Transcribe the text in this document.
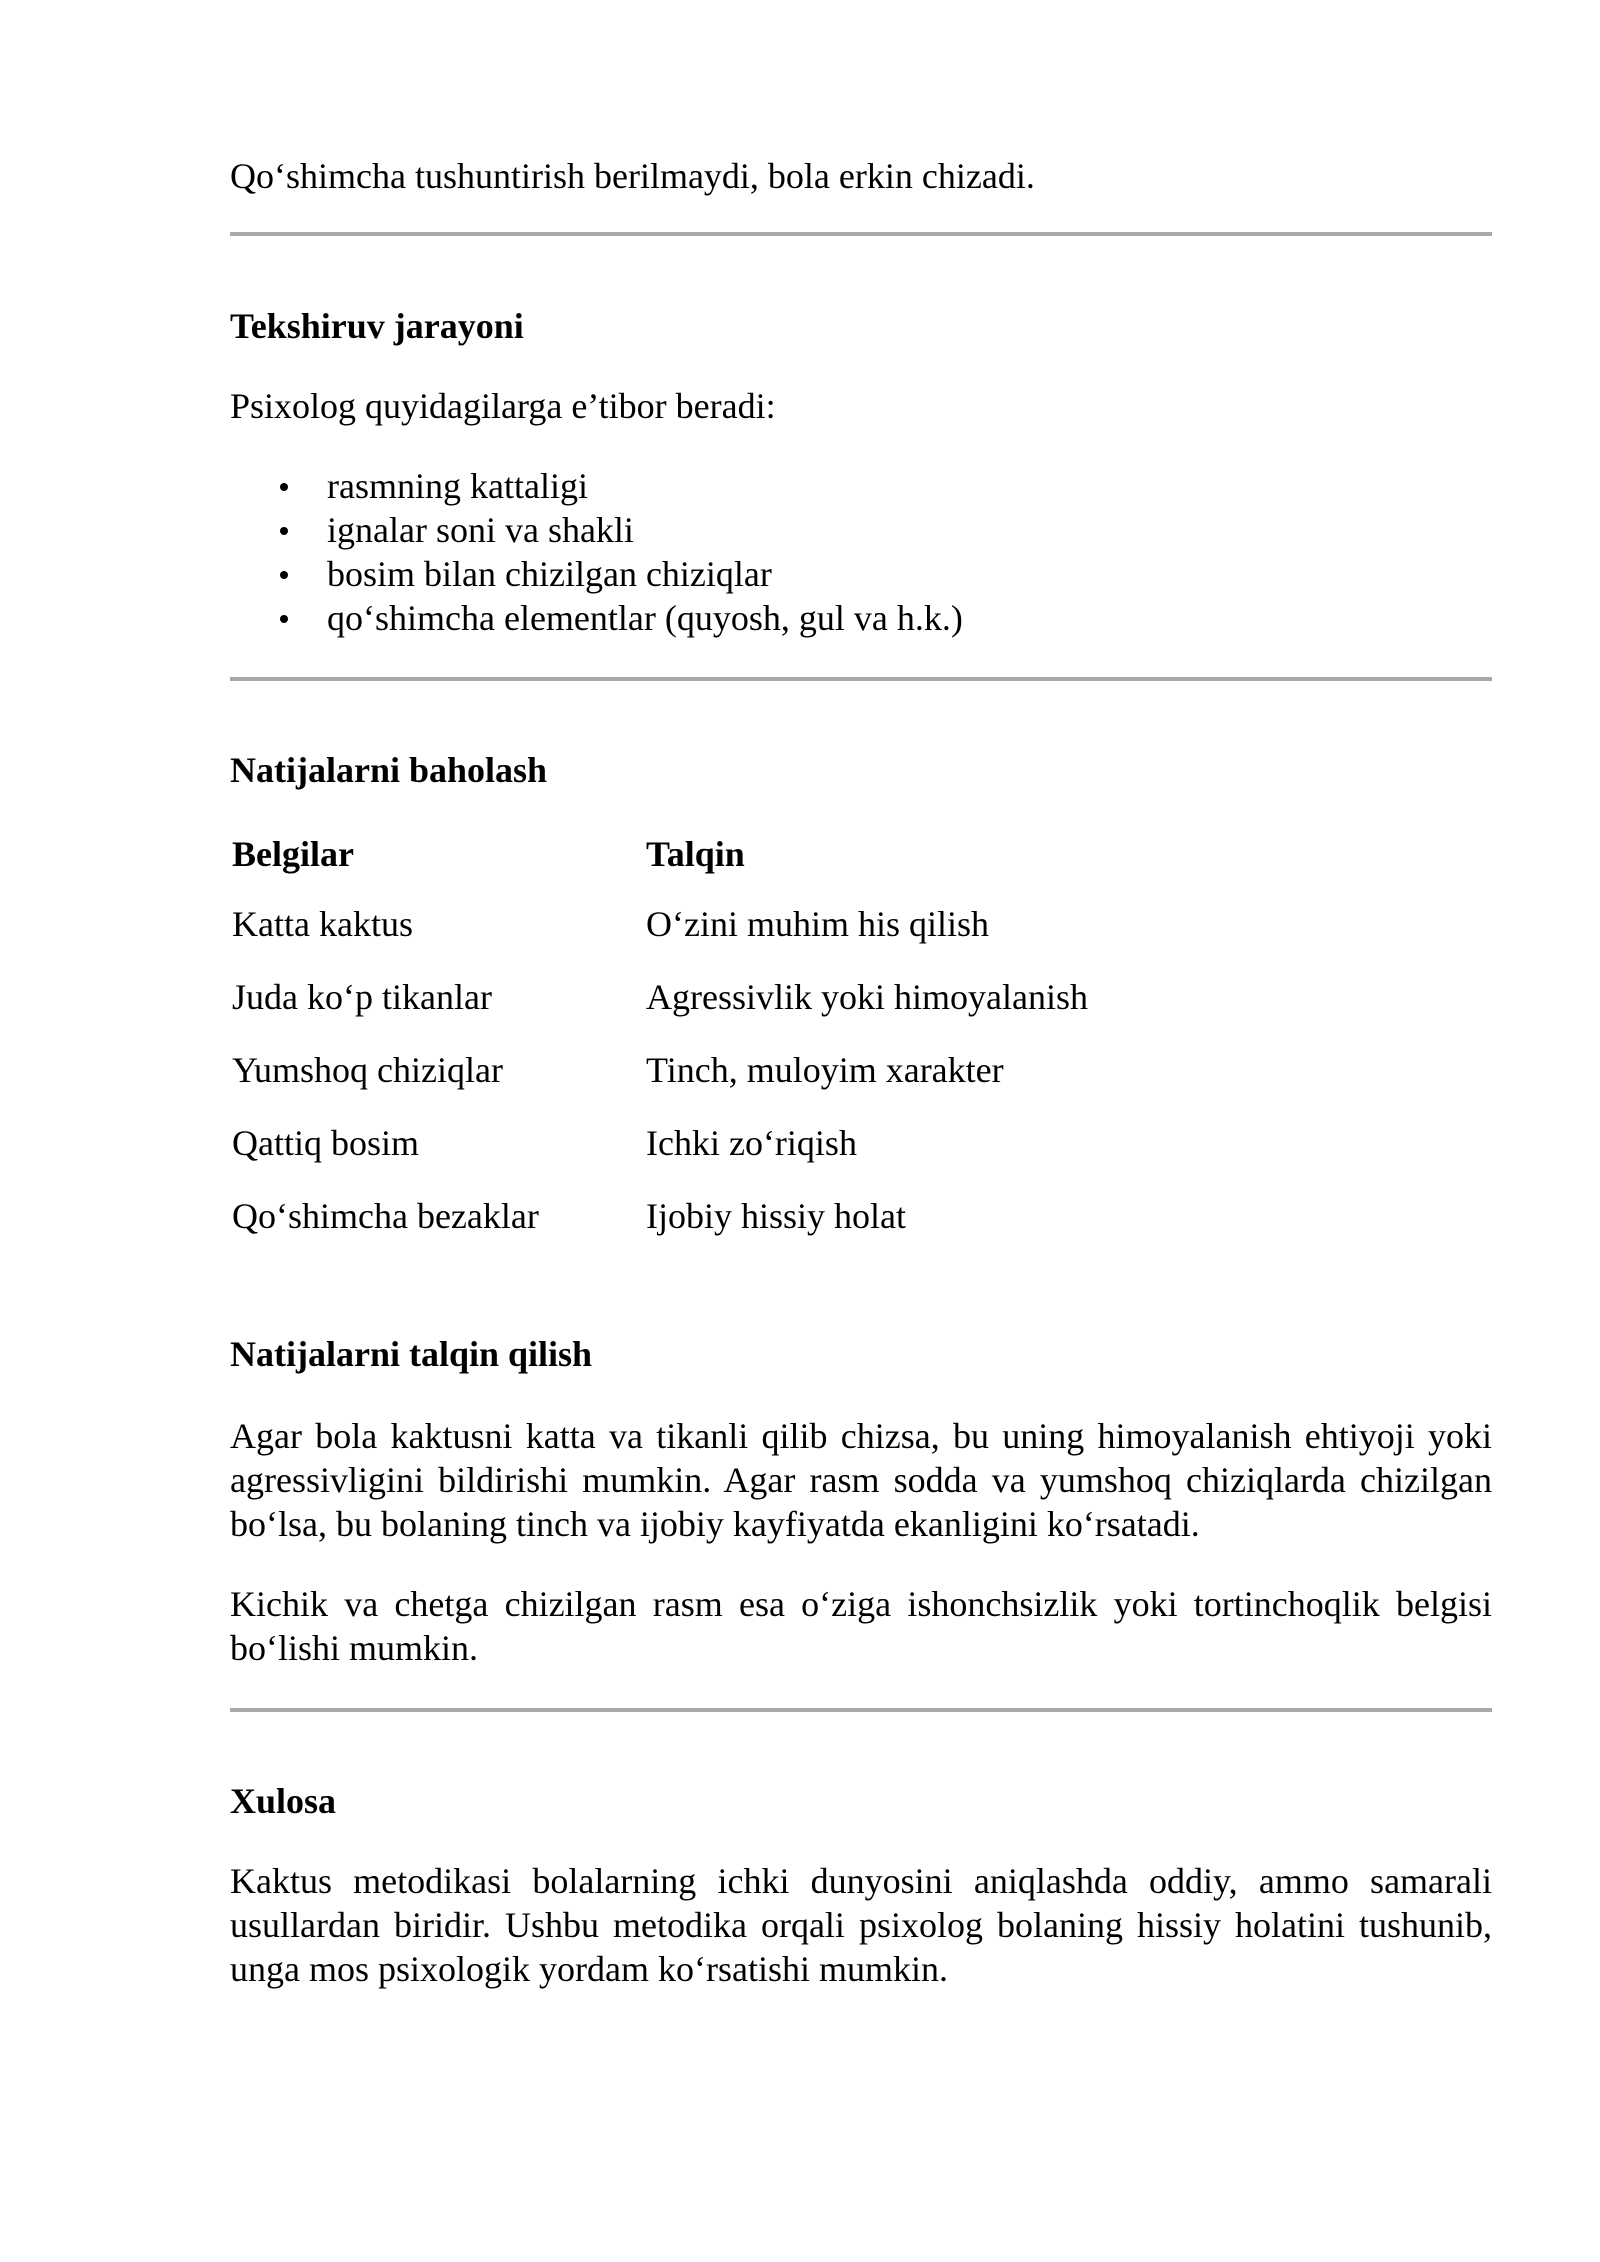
Qo‘shimcha tushuntirish berilmaydi, bola erkin chizadi.

Tekshiruv jarayoni

Psixolog quyidagilarga e’tibor beradi:

rasmning kattaligi
ignalar soni va shakli
bosim bilan chizilgan chiziqlar
qo‘shimcha elementlar (quyosh, gul va h.k.)
Natijalarni baholash
Belgilar	Talqin
Katta kaktus	O‘zini muhim his qilish
Juda ko‘p tikanlar	Agressivlik yoki himoyalanish
Yumshoq chiziqlar	Tinch, muloyim xarakter
Qattiq bosim	Ichki zo‘riqish
Qo‘shimcha bezaklar	Ijobiy hissiy holat
Natijalarni talqin qilish

Agar bola kaktusni katta va tikanli qilib chizsa, bu uning himoyalanish ehtiyoji yoki agressivligini bildirishi mumkin. Agar rasm sodda va yumshoq chiziqlarda chizilgan bo‘lsa, bu bolaning tinch va ijobiy kayfiyatda ekanligini ko‘rsatadi.

Kichik va chetga chizilgan rasm esa o‘ziga ishonchsizlik yoki tortinchoqlik belgisi bo‘lishi mumkin.

Xulosa

Kaktus metodikasi bolalarning ichki dunyosini aniqlashda oddiy, ammo samarali usullardan biridir. Ushbu metodika orqali psixolog bolaning hissiy holatini tushunib, unga mos psixologik yordam ko‘rsatishi mumkin.
